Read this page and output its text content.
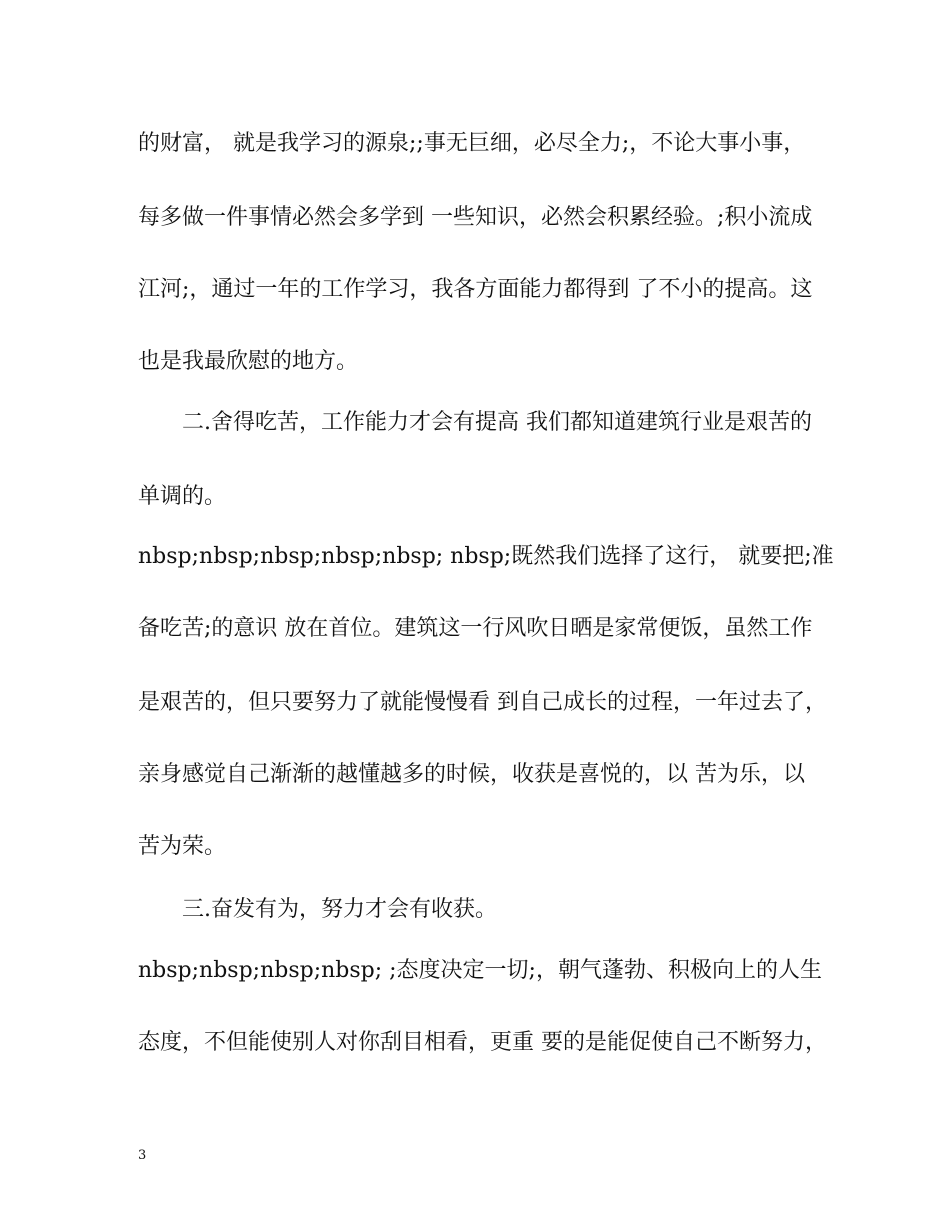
的财富， 就是我学习的源泉;;事无巨细，必尽全力;，不论大事小事，
每多做一件事情必然会多学到 一些知识，必然会积累经验。;积小流成
江河;，通过一年的工作学习，我各方面能力都得到 了不小的提高。这
也是我最欣慰的地方。
二.舍得吃苦，工作能力才会有提高 我们都知道建筑行业是艰苦的
单调的。
nbsp;nbsp;nbsp;nbsp;nbsp; nbsp;既然我们选择了这行， 就要把;准
备吃苦;的意识 放在首位。建筑这一行风吹日晒是家常便饭，虽然工作
是艰苦的，但只要努力了就能慢慢看 到自己成长的过程，一年过去了，
亲身感觉自己渐渐的越懂越多的时候，收获是喜悦的，以 苦为乐，以
苦为荣。
三.奋发有为，努力才会有收获。
nbsp;nbsp;nbsp;nbsp; ;态度决定一切;，朝气蓬勃、积极向上的人生
态度，不但能使别人对你刮目相看，更重 要的是能促使自己不断努力，
3
